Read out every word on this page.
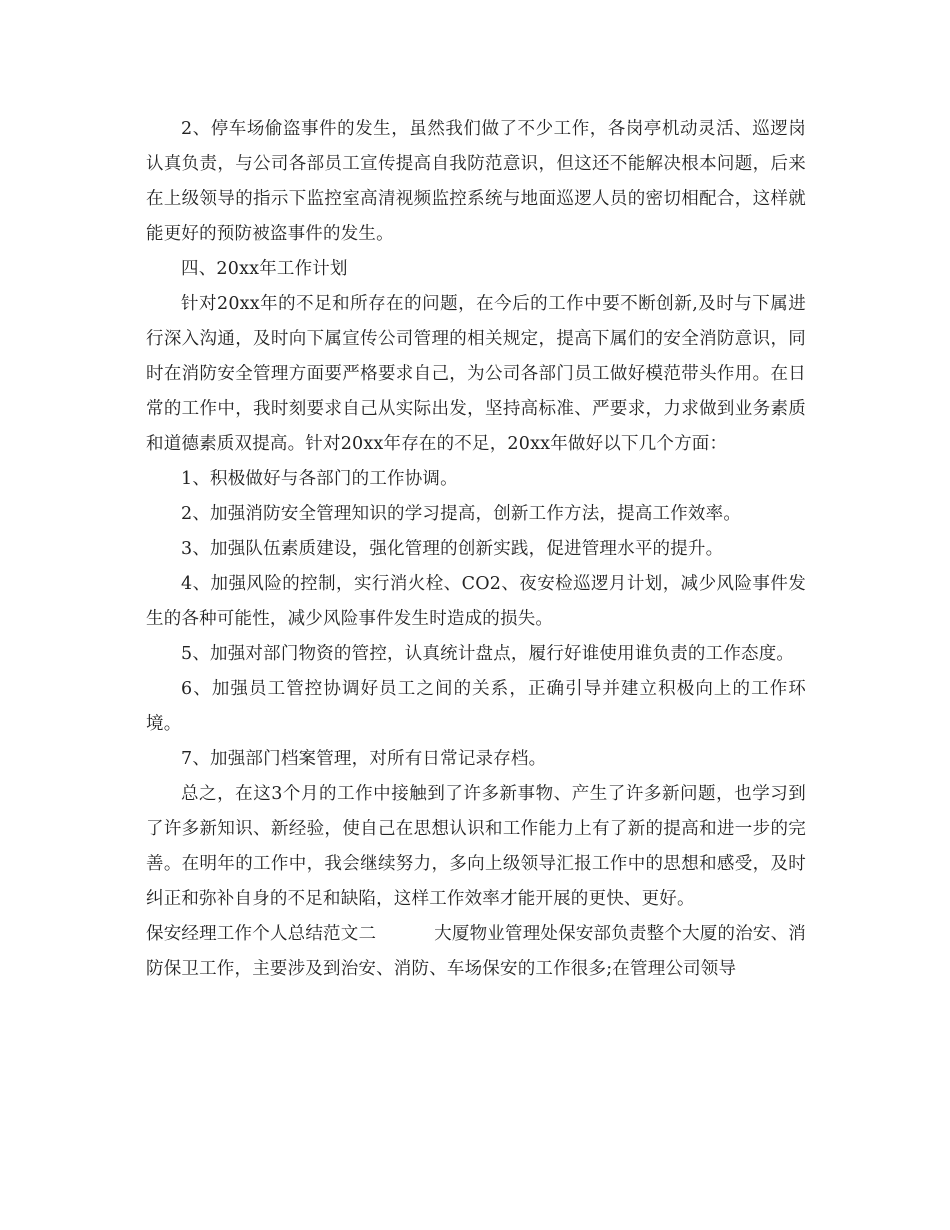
2、停车场偷盗事件的发生，虽然我们做了不少工作，各岗亭机动灵活、巡逻岗认真负责，与公司各部员工宣传提高自我防范意识，但这还不能解决根本问题，后来在上级领导的指示下监控室高清视频监控系统与地面巡逻人员的密切相配合，这样就能更好的预防被盗事件的发生。

四、20xx年工作计划

针对20xx年的不足和所存在的问题，在今后的工作中要不断创新,及时与下属进行深入沟通，及时向下属宣传公司管理的相关规定，提高下属们的安全消防意识，同时在消防安全管理方面要严格要求自己，为公司各部门员工做好模范带头作用。在日常的工作中，我时刻要求自己从实际出发，坚持高标准、严要求，力求做到业务素质和道德素质双提高。针对20xx年存在的不足，20xx年做好以下几个方面：

1、积极做好与各部门的工作协调。

2、加强消防安全管理知识的学习提高，创新工作方法，提高工作效率。

3、加强队伍素质建设，强化管理的创新实践，促进管理水平的提升。

4、加强风险的控制，实行消火栓、CO2、夜安检巡逻月计划，减少风险事件发生的各种可能性，减少风险事件发生时造成的损失。

5、加强对部门物资的管控，认真统计盘点，履行好谁使用谁负责的工作态度。

6、加强员工管控协调好员工之间的关系，正确引导并建立积极向上的工作环境。

7、加强部门档案管理，对所有日常记录存档。

总之，在这3个月的工作中接触到了许多新事物、产生了许多新问题，也学习到了许多新知识、新经验，使自己在思想认识和工作能力上有了新的提高和进一步的完善。在明年的工作中，我会继续努力，多向上级领导汇报工作中的思想和感受，及时纠正和弥补自身的不足和缺陷，这样工作效率才能开展的更快、更好。

保安经理工作个人总结范文二	大厦物业管理处保安部负责整个大厦的治安、消防保卫工作，主要涉及到治安、消防、车场保安的工作很多;在管理公司领导
